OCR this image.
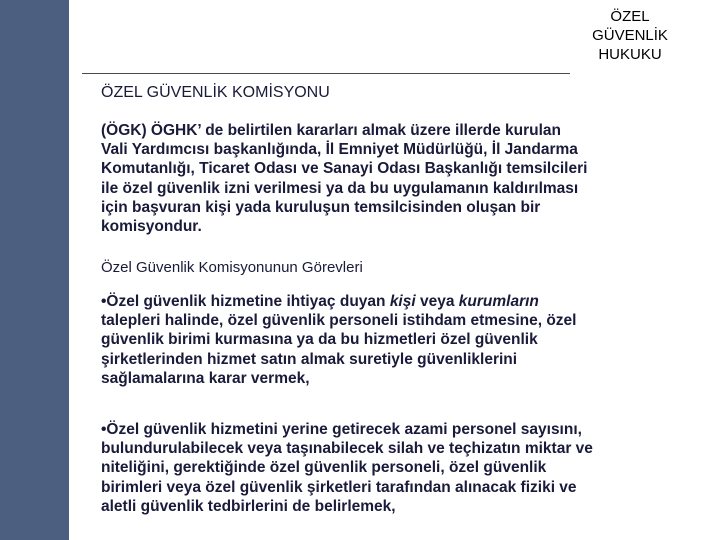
ÖZEL
GÜVENLİK
HUKUKU
ÖZEL GÜVENLİK KOMİSYONU
(ÖGK) ÖGHK’ de belirtilen kararları almak üzere illerde kurulan
Vali Yardımcısı başkanlığında, İl Emniyet Müdürlüğü, İl Jandarma
Komutanlığı, Ticaret Odası ve Sanayi Odası Başkanlığı temsilcileri
ile özel güvenlik izni verilmesi ya da bu uygulamanın kaldırılması
için başvuran kişi yada kuruluşun temsilcisinden oluşan bir
komisyondur.
Özel Güvenlik Komisyonunun Görevleri
•Özel güvenlik hizmetine ihtiyaç duyan kişi veya kurumların
talepleri halinde, özel güvenlik personeli istihdam etmesine, özel
güvenlik birimi kurmasına ya da bu hizmetleri özel güvenlik
şirketlerinden hizmet satın almak suretiyle güvenliklerini
sağlamalarına karar vermek,
•Özel güvenlik hizmetini yerine getirecek azami personel sayısını,
bulundurulabilecek veya taşınabilecek silah ve teçhizatın miktar ve
niteliğini, gerektiğinde özel güvenlik personeli, özel güvenlik
birimleri veya özel güvenlik şirketleri tarafından alınacak fiziki ve
aletli güvenlik tedbirlerini de belirlemek,
